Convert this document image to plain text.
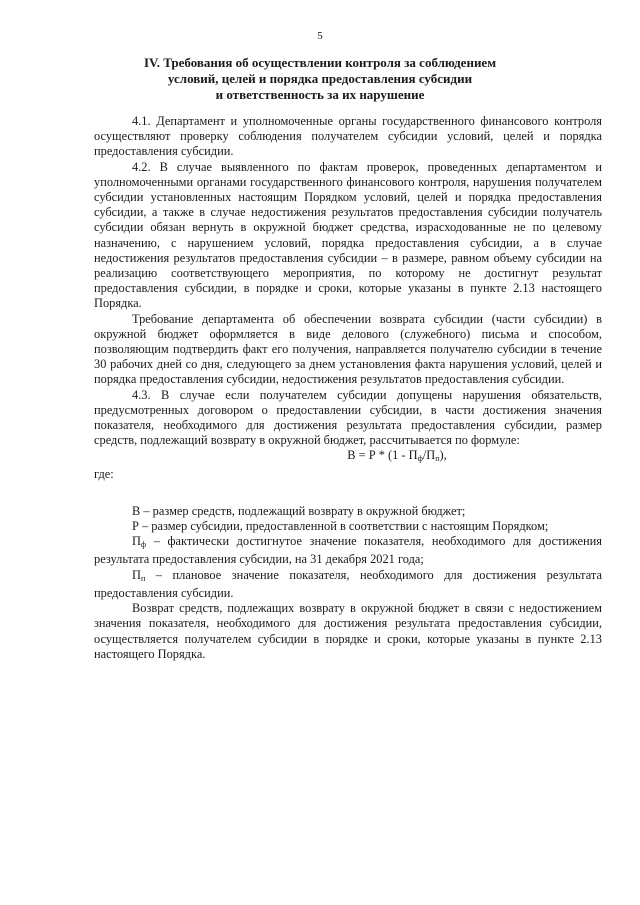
5
IV. Требования об осуществлении контроля за соблюдением
условий, целей и порядка предоставления субсидии
и ответственность за их нарушение

4.1. Департамент и уполномоченные органы государственного финансового контроля осуществляют проверку соблюдения получателем субсидии условий, целей и порядка предоставления субсидии.

4.2. В случае выявленного по фактам проверок, проведенных департаментом и уполномоченными органами государственного финансового контроля, нарушения получателем субсидии установленных настоящим Порядком условий, целей и порядка предоставления субсидии, а также в случае недостижения результатов предоставления субсидии получатель субсидии обязан вернуть в окружной бюджет средства, израсходованные не по целевому назначению, с нарушением условий, порядка предоставления субсидии, а в случае недостижения результатов предоставления субсидии – в размере, равном объему субсидии на реализацию соответствующего мероприятия, по которому не достигнут результат предоставления субсидии, в порядке и сроки, которые указаны в пункте 2.13 настоящего Порядка.

Требование департамента об обеспечении возврата субсидии (части субсидии) в окружной бюджет оформляется в виде делового (служебного) письма и способом, позволяющим подтвердить факт его получения, направляется получателю субсидии в течение 30 рабочих дней со дня, следующего за днем установления факта нарушения условий, целей и порядка предоставления субсидии, недостижения результатов предоставления субсидии.

4.3. В случае если получателем субсидии допущены нарушения обязательств, предусмотренных договором о предоставлении субсидии, в части достижения значения показателя, необходимого для достижения результата предоставления субсидии, размер средств, подлежащий возврату в окружной бюджет, рассчитывается по формуле:

$В = Р * (1 - П_ф/П_п)$,

где:

В – размер средств, подлежащий возврату в окружной бюджет;

Р – размер субсидии, предоставленной в соответствии с настоящим Порядком;

$П_ф$ – фактически достигнутое значение показателя, необходимого для достижения результата предоставления субсидии, на 31 декабря 2021 года;

$П_п$ – плановое значение показателя, необходимого для достижения результата предоставления субсидии.

Возврат средств, подлежащих возврату в окружной бюджет в связи с недостижением значения показателя, необходимого для достижения результата предоставления субсидии, осуществляется получателем субсидии в порядке и сроки, которые указаны в пункте 2.13 настоящего Порядка.
